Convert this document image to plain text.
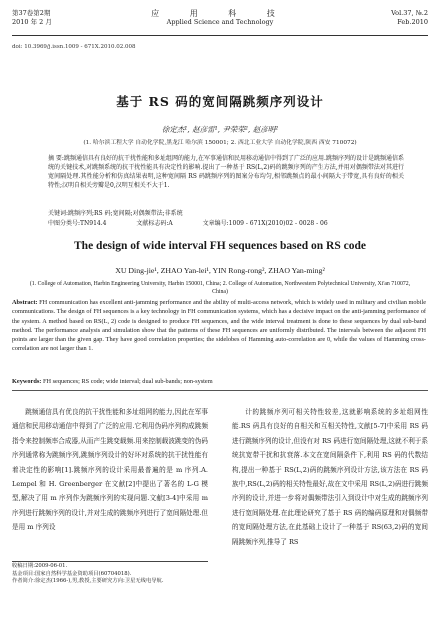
第37卷第2期
2010 年 2 月
应 用 科 技
Applied Science and Technology
Vol.37, №.2
Feb.2010
doi: 10.3969/j.issn.1009 - 671X.2010.02.008
基于 RS 码的宽间隔跳频序列设计
徐定杰¹, 赵彦雷¹, 尹荣荣², 赵彦明²
(1. 哈尔滨工程大学 自动化学院,黑龙江 哈尔滨 150001; 2. 西北工业大学 自动化学院,陕西 西安 710072)
摘 要:跳频通信具有良好的抗干扰性能和多址组网的能力,在军事通信和民用移动通信中得到了广泛的应用.跳频序列的设计是跳频通信系统的关键技术,对跳频系统的抗干扰性能具有决定性的影响.提出了一种基于 RS(L,2)码的跳频序列的产生方法,并用对偶频带法对其进行宽间隔处理.其性能分析和仿真结果表明,这种宽间隔 RS 码跳频序列的图案分布均匀,相邻跳频点的最小间隔大于带宽,具有良好的相关特性;汉明自相关旁瓣是0,汉明互相关不大于1.
关键词:跳频序列;RS 码;宽间隔;对偶频带法;非系统
中图分类号:TN914.4	文献标志码:A	文章编号:1009 - 671X(2010)02 - 0028 - 06
The design of wide interval FH sequences based on RS code
XU Ding-jie¹, ZHAO Yan-lei¹, YIN Rong-rong², ZHAO Yan-ming²
(1. College of Automation, Harbin Engineering University, Harbin 150001, China; 2. College of Automation, Northwestern Polytechnical University, Xi'an 710072, China)
Abstract: FH communication has excellent anti-jamming performance and the ability of multi-access network, which is widely used in military and civilian mobile communications. The design of FH sequences is a key technology in FH communication systems, which has a decisive impact on the anti-jamming performance of the system. A method based on RS(L, 2) code is designed to produce FH sequences, and the wide interval treatment is done to these sequences by dual sub-band method. The performance analysis and simulation show that the patterns of these FH sequences are uniformly distributed. The intervals between the adjacent FH points are larger than the given gap. They have good correlation properties; the sidelobes of Hamming auto-correlation are 0, while the values of Hamming cross-correlation are not larger than 1.
Keywords: FH sequences; RS code; wide interval; dual sub-bands; non-system

跳频通信具有优良的抗干扰性能和多址组网的能力,因此在军事通信和民用移动通信中得到了广泛的应用.它利用伪码序列构成跳频指令来控制频率合成器,从而产生跳变载频.用来控制载波跳变的伪码序列通常称为跳频序列,跳频序列设计的好坏对系统的抗干扰性能有着决定性的影响[1].跳频序列的设计采用最普遍的是 m 序列.A. Lempel 和 H. Greenberger 在文献[2]中提出了著名的 L-G 模型,解决了用 m 序列作为跳频序列的实现问题.文献[3-4]中采用 m 序列进行跳频序列的设计,并对生成的跳频序列进行了宽间隔处理.但是用 m 序列设

计的跳频序列可相关特性较差,这就影响系统的多址组网性能.RS 码具有良好的自相关和互相关特性,文献[5-7]中采用 RS 码进行跳频序列的设计,但没有对 RS 码进行宽间隔处理,这就不利于系统抗宽带干扰和抗衰落.本文在宽间隔条件下,利用 RS 码的代数结构,提出一种基于 RS(L,2)码的跳频序列设计方法,该方法在 RS 码族中,RS(L,2)码的相关特性最好,故在文中采用 RS(L,2)码进行跳频序列的设计,并进一步将对偶频带法引入到设计中对生成的跳频序列进行宽间隔处理.在此理论研究了基于 RS 码的编码原理和对偶频带的宽间隔处理方法,在此基础上设计了一种基于 RS(63,2)码的宽间隔跳频序列,推导了 RS

收稿日期:2009-06-01.
基金项目:国家自然科学基金资助项目(60704018).
作者简介:徐定杰(1966-),男,教授,主要研究方向:卫星无线电导航.
